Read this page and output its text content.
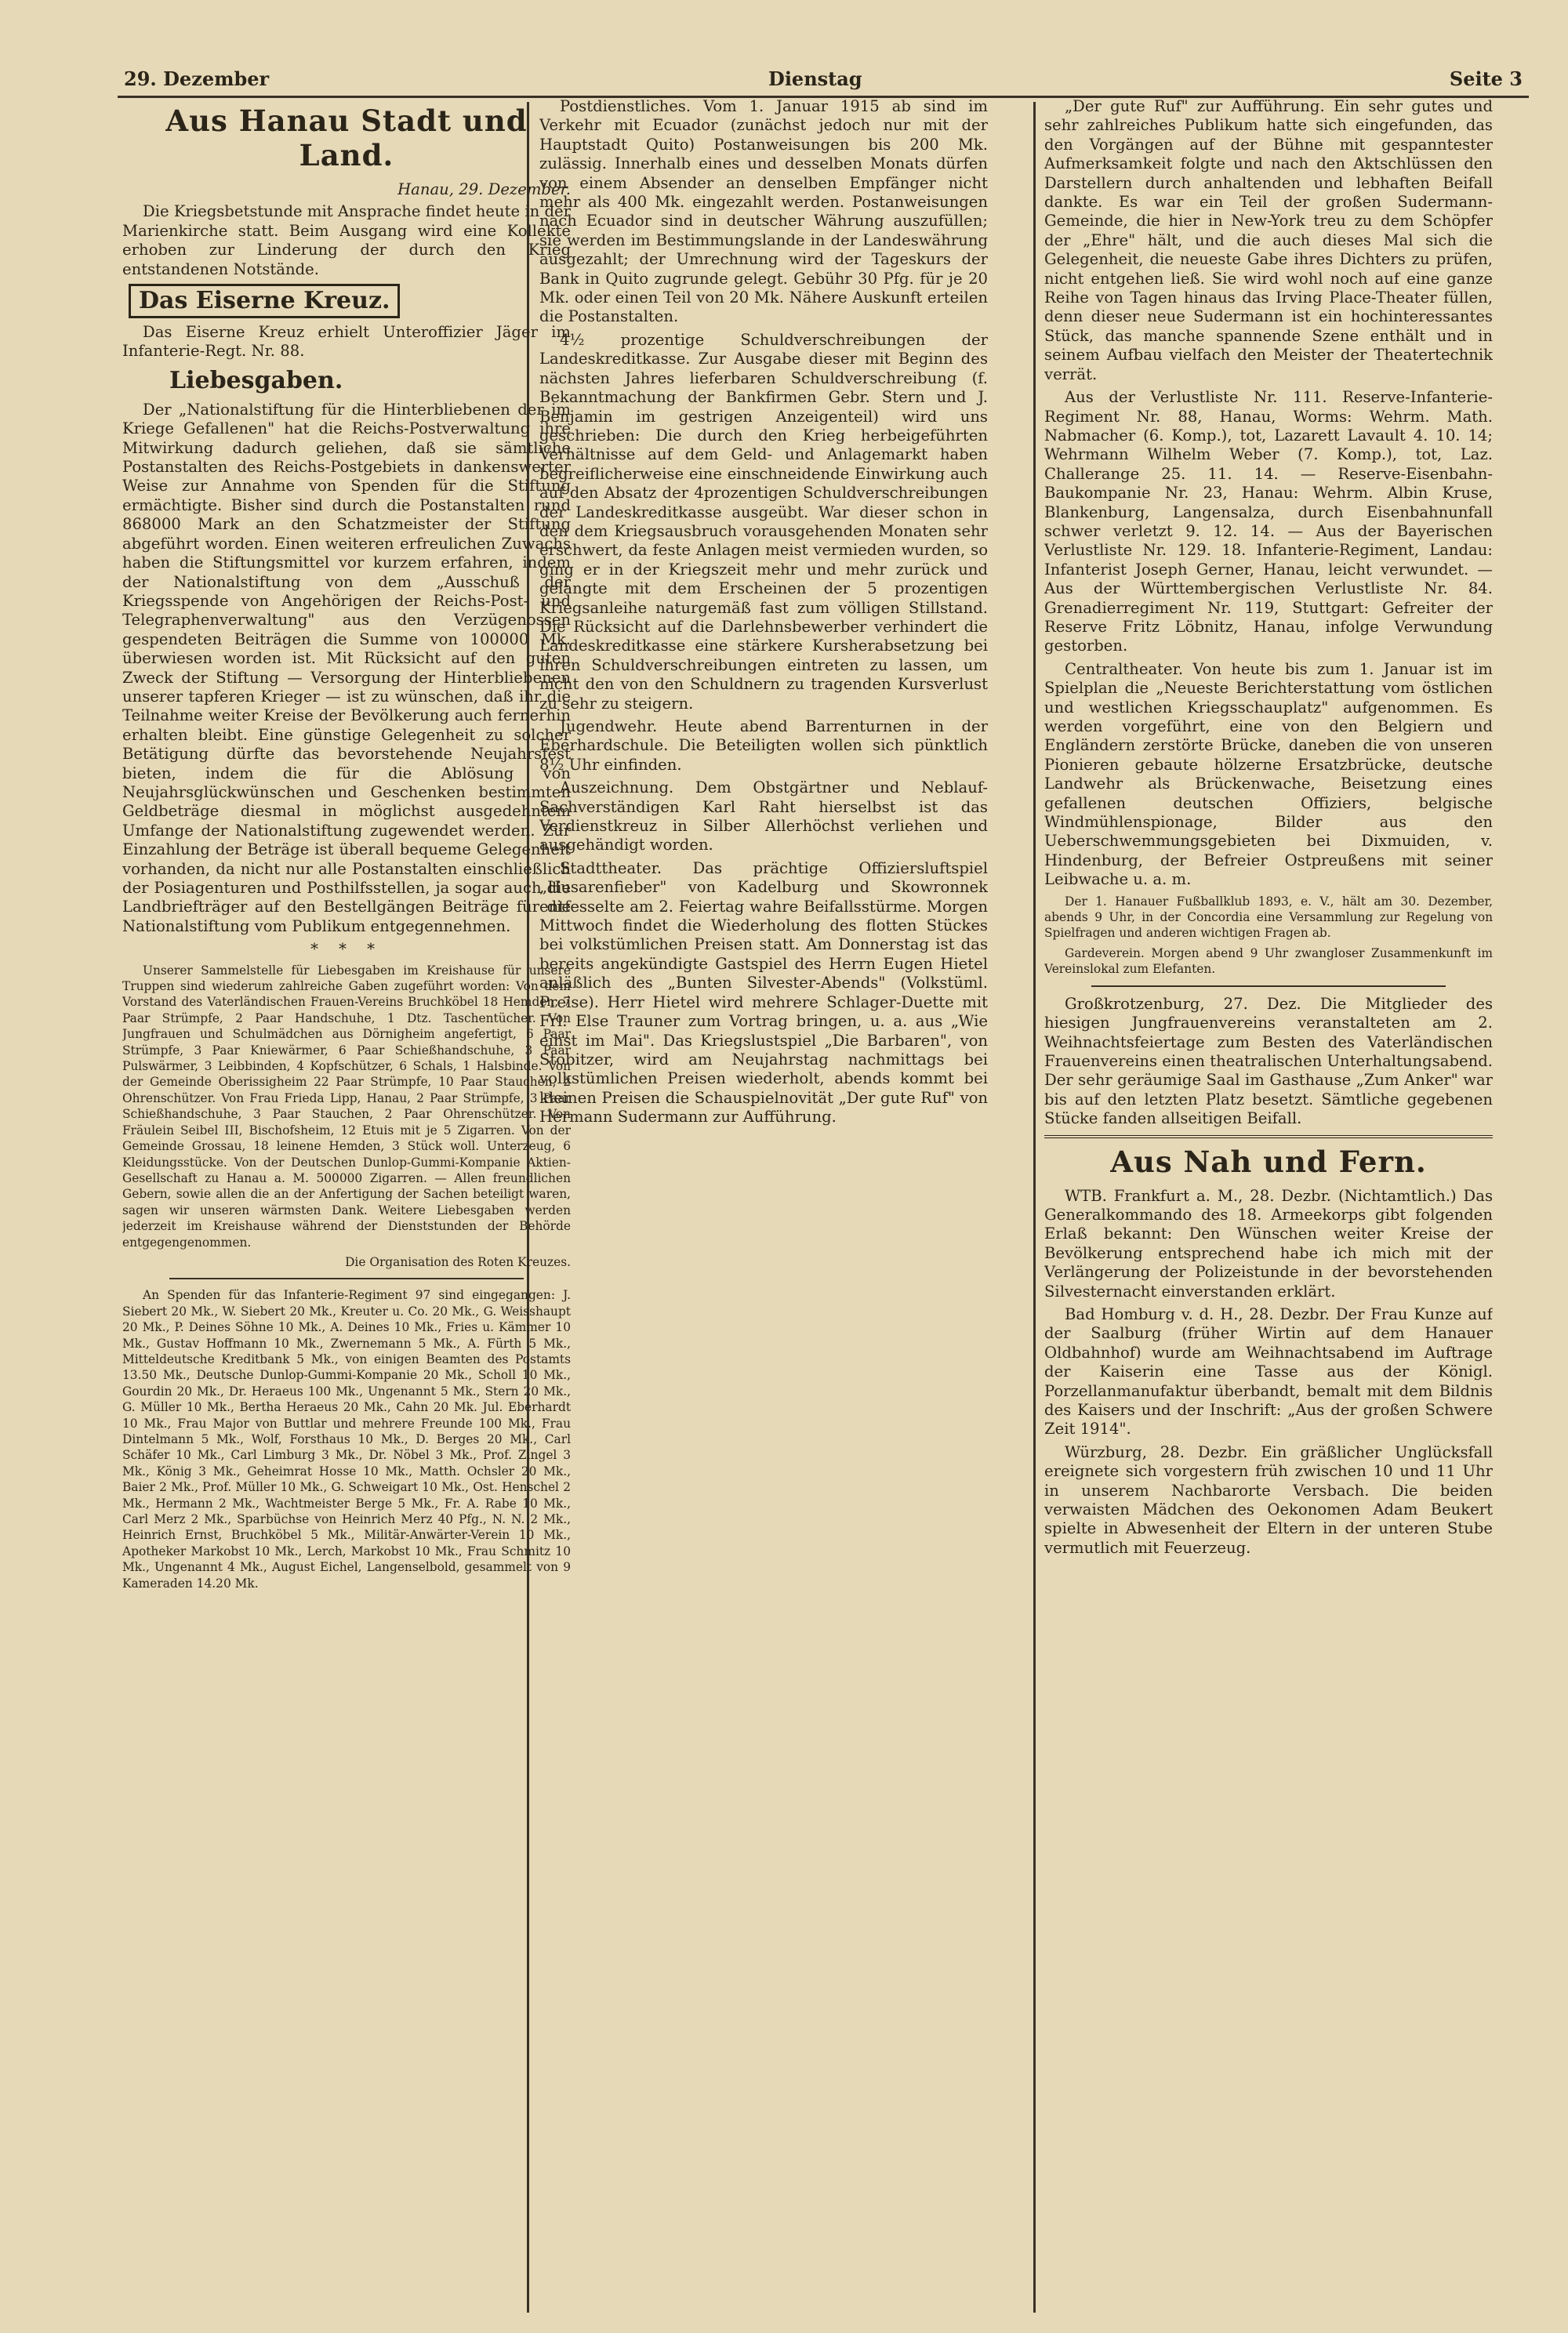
29. Dezember	Dienstag	Seite 3
Aus Hanau Stadt und Land.
Hanau, 29. Dezember.

Die Kriegsbetstunde mit Ansprache findet heute in der Marienkirche statt. Beim Ausgang wird eine Kollekte erhoben zur Linderung der durch den Krieg entstandenen Notstände.

Das Eiserne Kreuz.

Das Eiserne Kreuz erhielt Unteroffizier Jäger im Infanterie-Regt. Nr. 88.

Liebesgaben.

Der „Nationalstiftung für die Hinterbliebenen der im Kriege Gefallenen" hat die Reichs-Postverwaltung ihre Mitwirkung dadurch geliehen, daß sie sämtliche Postanstalten des Reichs-Postgebiets in dankenswerter Weise zur Annahme von Spenden für die Stiftung ermächtigte. Bisher sind durch die Postanstalten rund 868000 Mark an den Schatzmeister der Stiftung abgeführt worden. Einen weiteren erfreulichen Zuwachs haben die Stiftungsmittel vor kurzem erfahren, indem der Nationalstiftung von dem „Ausschuß der Kriegsspende von Angehörigen der Reichs-Post- und Telegraphenverwaltung" aus den Verzügenossen gespendeten Beiträgen die Summe von 100000 Mk. überwiesen worden ist. Mit Rücksicht auf den guten Zweck der Stiftung — Versorgung der Hinterbliebenen unserer tapferen Krieger — ist zu wünschen, daß ihr die Teilnahme weiter Kreise der Bevölkerung auch fernerhin erhalten bleibt. Eine günstige Gelegenheit zu solcher Betätigung dürfte das bevorstehende Neujahrsfest bieten, indem die für die Ablösung von Neujahrsglückwünschen und Geschenken bestimmten Geldbeträge diesmal in möglichst ausgedehntem Umfange der Nationalstiftung zugewendet werden. Zur Einzahlung der Beträge ist überall bequeme Gelegenheit vorhanden, da nicht nur alle Postanstalten einschließlich der Posiagenturen und Posthilfsstellen, ja sogar auch die Landbriefträger auf den Bestellgängen Beiträge für die Nationalstiftung vom Publikum entgegennehmen.

* * *

Unserer Sammelstelle für Liebesgaben im Kreishause für unsere Truppen sind wiederum zahlreiche Gaben zugeführt worden: Von dem Vorstand des Vaterländischen Frauen-Vereins Bruchköbel 18 Hemden, 7 Paar Strümpfe, 2 Paar Handschuhe, 1 Dtz. Taschentücher. Von Jungfrauen und Schulmädchen aus Dörnigheim angefertigt, 6 Paar Strümpfe, 3 Paar Kniewärmer, 6 Paar Schießhandschuhe, 3 Paar Pulswärmer, 3 Leibbinden, 4 Kopfschützer, 6 Schals, 1 Halsbinde. Von der Gemeinde Oberissigheim 22 Paar Strümpfe, 10 Paar Stauchen, 2 Ohrenschützer. Von Frau Frieda Lipp, Hanau, 2 Paar Strümpfe, 3 Paar Schießhandschuhe, 3 Paar Stauchen, 2 Paar Ohrenschützer. Von Fräulein Seibel III, Bischofsheim, 12 Etuis mit je 5 Zigarren. Von der Gemeinde Grossau, 18 leinene Hemden, 3 Stück woll. Unterzeug, 6 Kleidungsstücke. Von der Deutschen Dunlop-Gummi-Kompanie Aktien-Gesellschaft zu Hanau a. M. 500000 Zigarren. — Allen freundlichen Gebern, sowie allen die an der Anfertigung der Sachen beteiligt waren, sagen wir unseren wärmsten Dank. Weitere Liebesgaben werden jederzeit im Kreishause während der Dienststunden der Behörde entgegengenommen.

Die Organisation des Roten Kreuzes.

An Spenden für das Infanterie-Regiment 97 sind eingegangen: J. Siebert 20 Mk., W. Siebert 20 Mk., Kreuter u. Co. 20 Mk., G. Weisshaupt 20 Mk., P. Deines Söhne 10 Mk., A. Deines 10 Mk., Fries u. Kämmer 10 Mk., Gustav Hoffmann 10 Mk., Zwernemann 5 Mk., A. Fürth 5 Mk., Mitteldeutsche Kreditbank 5 Mk., von einigen Beamten des Postamts 13.50 Mk., Deutsche Dunlop-Gummi-Kompanie 20 Mk., Scholl 10 Mk., Gourdin 20 Mk., Dr. Heraeus 100 Mk., Ungenannt 5 Mk., Stern 20 Mk., G. Müller 10 Mk., Bertha Heraeus 20 Mk., Cahn 20 Mk. Jul. Eberhardt 10 Mk., Frau Major von Buttlar und mehrere Freunde 100 Mk., Frau Dintelmann 5 Mk., Wolf, Forsthaus 10 Mk., D. Berges 20 Mk., Carl Schäfer 10 Mk., Carl Limburg 3 Mk., Dr. Nöbel 3 Mk., Prof. Zingel 3 Mk., König 3 Mk., Geheimrat Hosse 10 Mk., Matth. Ochsler 20 Mk., Baier 2 Mk., Prof. Müller 10 Mk., G. Schweigart 10 Mk., Ost. Henschel 2 Mk., Hermann 2 Mk., Wachtmeister Berge 5 Mk., Fr. A. Rabe 10 Mk., Carl Merz 2 Mk., Sparbüchse von Heinrich Merz 40 Pfg., N. N. 2 Mk., Heinrich Ernst, Bruchköbel 5 Mk., Militär-Anwärter-Verein 10 Mk., Apotheker Markobst 10 Mk., Lerch, Markobst 10 Mk., Frau Schmitz 10 Mk., Ungenannt 4 Mk., August Eichel, Langenselbold, gesammelt von 9 Kameraden 14.20 Mk.

Postdienstliches. Vom 1. Januar 1915 ab sind im Verkehr mit Ecuador (zunächst jedoch nur mit der Hauptstadt Quito) Postanweisungen bis 200 Mk. zulässig. Innerhalb eines und desselben Monats dürfen von einem Absender an denselben Empfänger nicht mehr als 400 Mk. eingezahlt werden. Postanweisungen nach Ecuador sind in deutscher Währung auszufüllen; sie werden im Bestimmungslande in der Landeswährung ausgezahlt; der Umrechnung wird der Tageskurs der Bank in Quito zugrunde gelegt. Gebühr 30 Pfg. für je 20 Mk. oder einen Teil von 20 Mk. Nähere Auskunft erteilen die Postanstalten.

4½ prozentige Schuldverschreibungen der Landeskreditkasse. Zur Ausgabe dieser mit Beginn des nächsten Jahres lieferbaren Schuldverschreibung (f. Bekanntmachung der Bankfirmen Gebr. Stern und J. Benjamin im gestrigen Anzeigenteil) wird uns geschrieben: Die durch den Krieg herbeigeführten Verhältnisse auf dem Geld- und Anlagemarkt haben begreiflicherweise eine einschneidende Einwirkung auch auf den Absatz der 4prozentigen Schuldverschreibungen der Landeskreditkasse ausgeübt. War dieser schon in den dem Kriegsausbruch vorausgehenden Monaten sehr erschwert, da feste Anlagen meist vermieden wurden, so ging er in der Kriegszeit mehr und mehr zurück und gelangte mit dem Erscheinen der 5 prozentigen Kriegsanleihe naturgemäß fast zum völligen Stillstand. Die Rücksicht auf die Darlehnsbewerber verhindert die Landeskreditkasse eine stärkere Kursherabsetzung bei ihren Schuldverschreibungen eintreten zu lassen, um nicht den von den Schuldnern zu tragenden Kursverlust zu sehr zu steigern.

Jugendwehr. Heute abend Barrenturnen in der Eberhardschule. Die Beteiligten wollen sich pünktlich 8½ Uhr einfinden.

Auszeichnung. Dem Obstgärtner und Neblauf-Sachverständigen Karl Raht hierselbst ist das Verdienstkreuz in Silber Allerhöchst verliehen und ausgehändigt worden.

Stadttheater. Das prächtige Offiziersluftspiel „Husarenfieber" von Kadelburg und Skowronnek entfesselte am 2. Feiertag wahre Beifallsstürme. Morgen Mittwoch findet die Wiederholung des flotten Stückes bei volkstümlichen Preisen statt. Am Donnerstag ist das bereits angekündigte Gastspiel des Herrn Eugen Hietel anläßlich des „Bunten Silvester-Abends" (Volkstüml. Preise). Herr Hietel wird mehrere Schlager-Duette mit Frl. Else Trauner zum Vortrag bringen, u. a. aus „Wie einst im Mai". Das Kriegslustspiel „Die Barbaren", von Stobitzer, wird am Neujahrstag nachmittags bei volkstümlichen Preisen wiederholt, abends kommt bei kleinen Preisen die Schauspielnovität „Der gute Ruf" von Hermann Sudermann zur Aufführung.

„Der gute Ruf" zur Aufführung. Ein sehr gutes und sehr zahlreiches Publikum hatte sich eingefunden, das den Vorgängen auf der Bühne mit gespanntester Aufmerksamkeit folgte und nach den Aktschlüssen den Darstellern durch anhaltenden und lebhaften Beifall dankte. Es war ein Teil der großen Sudermann-Gemeinde, die hier in New-York treu zu dem Schöpfer der „Ehre" hält, und die auch dieses Mal sich die Gelegenheit, die neueste Gabe ihres Dichters zu prüfen, nicht entgehen ließ. Sie wird wohl noch auf eine ganze Reihe von Tagen hinaus das Irving Place-Theater füllen, denn dieser neue Sudermann ist ein hochinteressantes Stück, das manche spannende Szene enthält und in seinem Aufbau vielfach den Meister der Theatertechnik verrät.

Aus der Verlustliste Nr. 111. Reserve-Infanterie-Regiment Nr. 88, Hanau, Worms: Wehrm. Math. Nabmacher (6. Komp.), tot, Lazarett Lavault 4. 10. 14; Wehrmann Wilhelm Weber (7. Komp.), tot, Laz. Challerange 25. 11. 14. — Reserve-Eisenbahn-Baukompanie Nr. 23, Hanau: Wehrm. Albin Kruse, Blankenburg, Langensalza, durch Eisenbahnunfall schwer verletzt 9. 12. 14. — Aus der Bayerischen Verlustliste Nr. 129. 18. Infanterie-Regiment, Landau: Infanterist Joseph Gerner, Hanau, leicht verwundet. — Aus der Württembergischen Verlustliste Nr. 84. Grenadierregiment Nr. 119, Stuttgart: Gefreiter der Reserve Fritz Löbnitz, Hanau, infolge Verwundung gestorben.

Centraltheater. Von heute bis zum 1. Januar ist im Spielplan die „Neueste Berichterstattung vom östlichen und westlichen Kriegsschauplatz" aufgenommen. Es werden vorgeführt, eine von den Belgiern und Engländern zerstörte Brücke, daneben die von unseren Pionieren gebaute hölzerne Ersatzbrücke, deutsche Landwehr als Brückenwache, Beisetzung eines gefallenen deutschen Offiziers, belgische Windmühlenspionage, Bilder aus den Ueberschwemmungsgebieten bei Dixmuiden, v. Hindenburg, der Befreier Ostpreußens mit seiner Leibwache u. a. m.

Der 1. Hanauer Fußballklub 1893, e. V., hält am 30. Dezember, abends 9 Uhr, in der Concordia eine Versammlung zur Regelung von Spielfragen und anderen wichtigen Fragen ab.

Gardeverein. Morgen abend 9 Uhr zwangloser Zusammenkunft im Vereinslokal zum Elefanten.

Großkrotzenburg, 27. Dez. Die Mitglieder des hiesigen Jungfrauenvereins veranstalteten am 2. Weihnachtsfeiertage zum Besten des Vaterländischen Frauenvereins einen theatralischen Unterhaltungsabend. Der sehr geräumige Saal im Gasthause „Zum Anker" war bis auf den letzten Platz besetzt. Sämtliche gegebenen Stücke fanden allseitigen Beifall.

Aus Nah und Fern.

WTB. Frankfurt a. M., 28. Dezbr. (Nichtamtlich.) Das Generalkommando des 18. Armeekorps gibt folgenden Erlaß bekannt: Den Wünschen weiter Kreise der Bevölkerung entsprechend habe ich mich mit der Verlängerung der Polizeistunde in der bevorstehenden Silvesternacht einverstanden erklärt.

Bad Homburg v. d. H., 28. Dezbr. Der Frau Kunze auf der Saalburg (früher Wirtin auf dem Hanauer Oldbahnhof) wurde am Weihnachtsabend im Auftrage der Kaiserin eine Tasse aus der Königl. Porzellanmanufaktur überbandt, bemalt mit dem Bildnis des Kaisers und der Inschrift: „Aus der großen Schwere Zeit 1914".

Würzburg, 28. Dezbr. Ein gräßlicher Unglücksfall ereignete sich vorgestern früh zwischen 10 und 11 Uhr in unserem Nachbarorte Versbach. Die beiden verwaisten Mädchen des Oekonomen Adam Beukert spielte in Abwesenheit der Eltern in der unteren Stube vermutlich mit Feuerzeug.
